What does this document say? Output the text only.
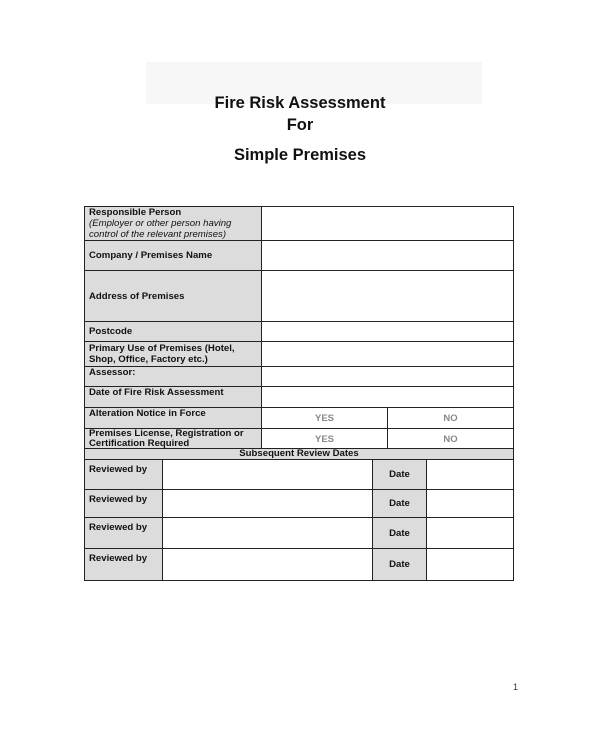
Fire Risk Assessment
For
Simple Premises
Responsible Person
(Employer or other person having control of the relevant premises)		
Company / Premises Name		
Address of Premises		
Postcode		
Primary Use of Premises (Hotel, Shop, Office, Factory etc.)		
Assessor:		
Date of Fire Risk Assessment		
Alteration Notice in Force	YES	NO
Premises License, Registration or Certification Required	YES	NO
Subsequent Review Dates			
Reviewed by		Date	
Reviewed by		Date	
Reviewed by		Date	
Reviewed by		Date	
1
